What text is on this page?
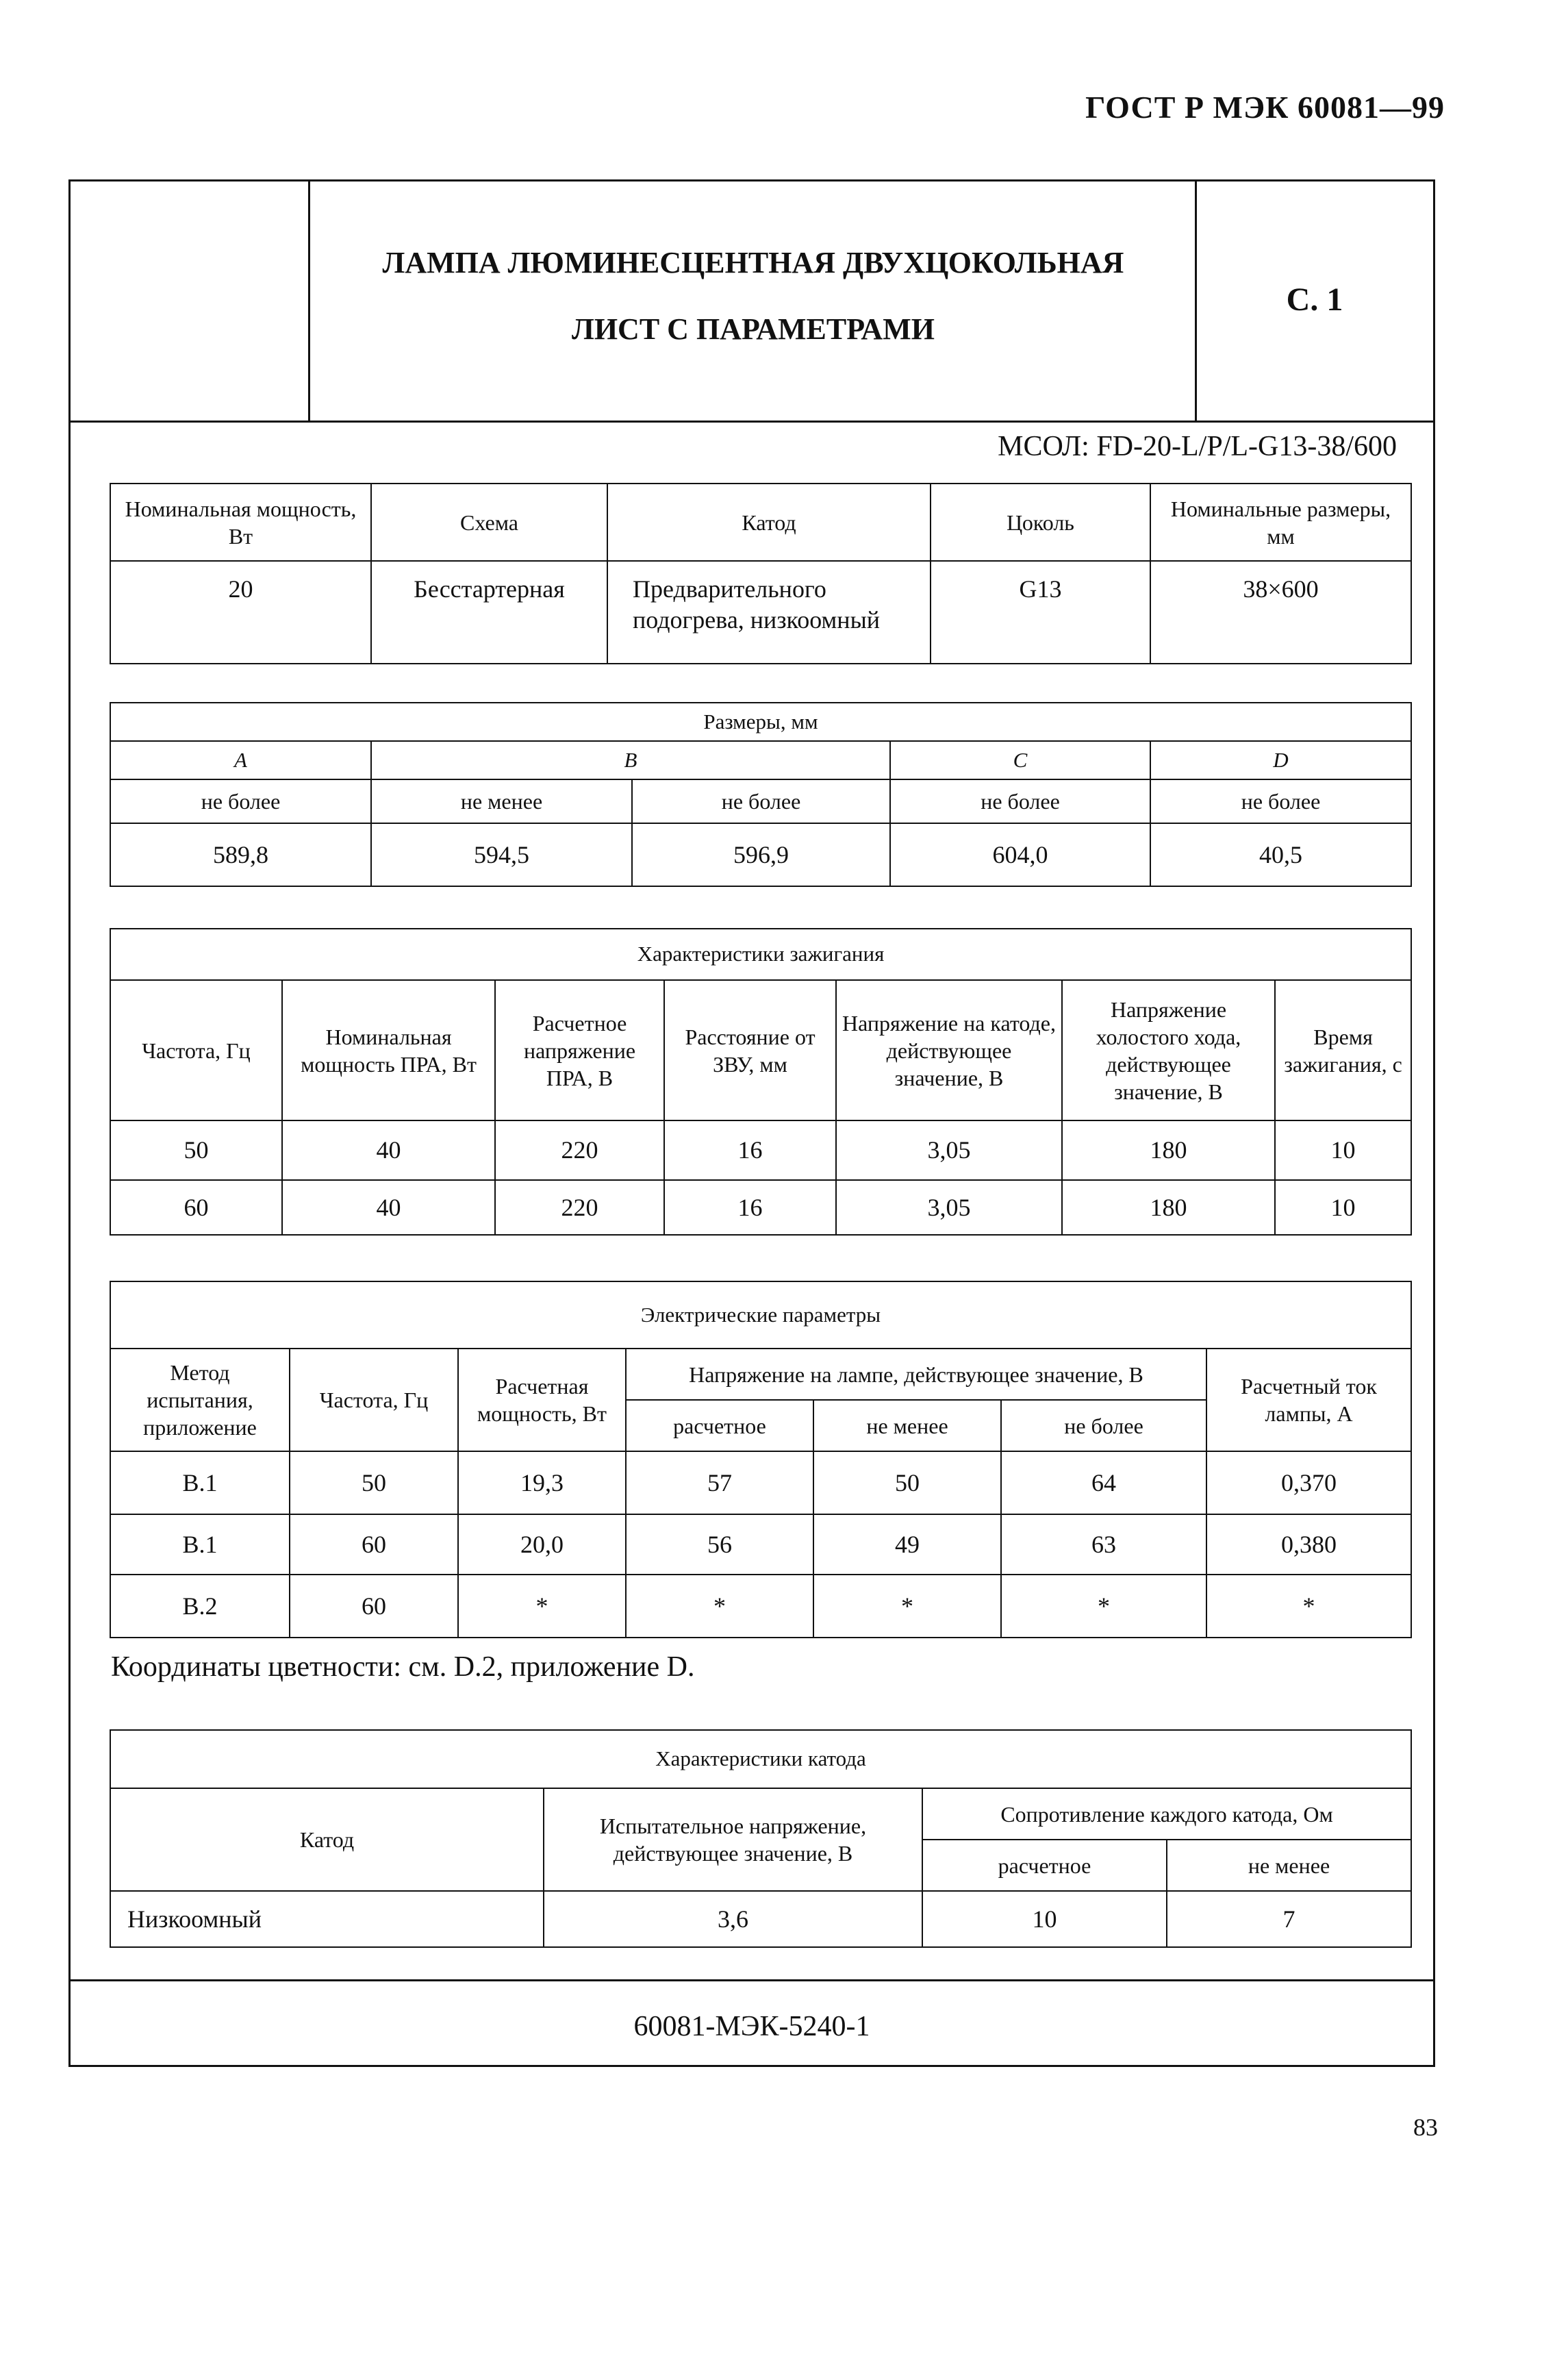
ГОСТ Р МЭК 60081—99
ЛАМПА ЛЮМИНЕСЦЕНТНАЯ ДВУХЦОКОЛЬНАЯ
ЛИСТ С ПАРАМЕТРАМИ
С. 1
МСОЛ: FD-20-L/P/L-G13-38/600
Номинальная мощность, Вт	Схема	Катод	Цоколь	Номинальные размеры, мм
20	Бесстартерная	Предварительного подогрева, низкоомный	G13	38×600
Размеры, мм				
A	B		C	D
не более	не менее	не более	не более	не более
589,8	594,5	596,9	604,0	40,5
Характеристики зажигания						
Частота, Гц	Номинальная мощность ПРА, Вт	Расчетное напряжение ПРА, В	Расстояние от ЗВУ, мм	Напряжение на катоде, действующее значение, В	Напряжение холостого хода, действующее значение, В	Время зажигания, с
50	40	220	16	3,05	180	10
60	40	220	16	3,05	180	10
Электрические параметры						
Метод испытания, приложение	Частота, Гц	Расчетная мощность, Вт	Напряжение на лампе, действующее значение, В			Расчетный ток лампы, А
			расчетное	не менее	не более	
В.1	50	19,3	57	50	64	0,370
В.1	60	20,0	56	49	63	0,380
В.2	60	*	*	*	*	*
Координаты цветности: см. D.2, приложение D.
Характеристики катода			
Катод	Испытательное напряжение, действующее значение, В	Сопротивление каждого катода, Ом	
		расчетное	не менее
Низкоомный	3,6	10	7
60081-МЭК-5240-1
83
